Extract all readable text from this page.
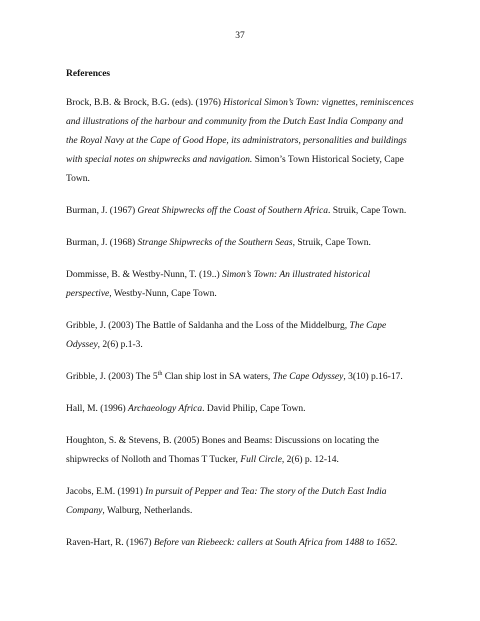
37
References

Brock, B.B. & Brock, B.G. (eds). (1976) Historical Simon’s Town: vignettes, reminiscences and illustrations of the harbour and community from the Dutch East India Company and the Royal Navy at the Cape of Good Hope, its administrators, personalities and buildings with special notes on shipwrecks and navigation. Simon’s Town Historical Society, Cape Town.

Burman, J. (1967) Great Shipwrecks off the Coast of Southern Africa. Struik, Cape Town.

Burman, J. (1968) Strange Shipwrecks of the Southern Seas, Struik, Cape Town.

Dommisse, B. & Westby-Nunn, T. (19..) Simon’s Town: An illustrated historical perspective, Westby-Nunn, Cape Town.

Gribble, J. (2003) The Battle of Saldanha and the Loss of the Middelburg, The Cape Odyssey, 2(6) p.1-3.

Gribble, J. (2003) The 5th Clan ship lost in SA waters, The Cape Odyssey, 3(10) p.16-17.

Hall, M. (1996) Archaeology Africa. David Philip, Cape Town.

Houghton, S. & Stevens, B. (2005) Bones and Beams: Discussions on locating the shipwrecks of Nolloth and Thomas T Tucker, Full Circle, 2(6) p. 12-14.

Jacobs, E.M. (1991) In pursuit of Pepper and Tea: The story of the Dutch East India Company, Walburg, Netherlands.

Raven-Hart, R. (1967) Before van Riebeeck: callers at South Africa from 1488 to 1652.
